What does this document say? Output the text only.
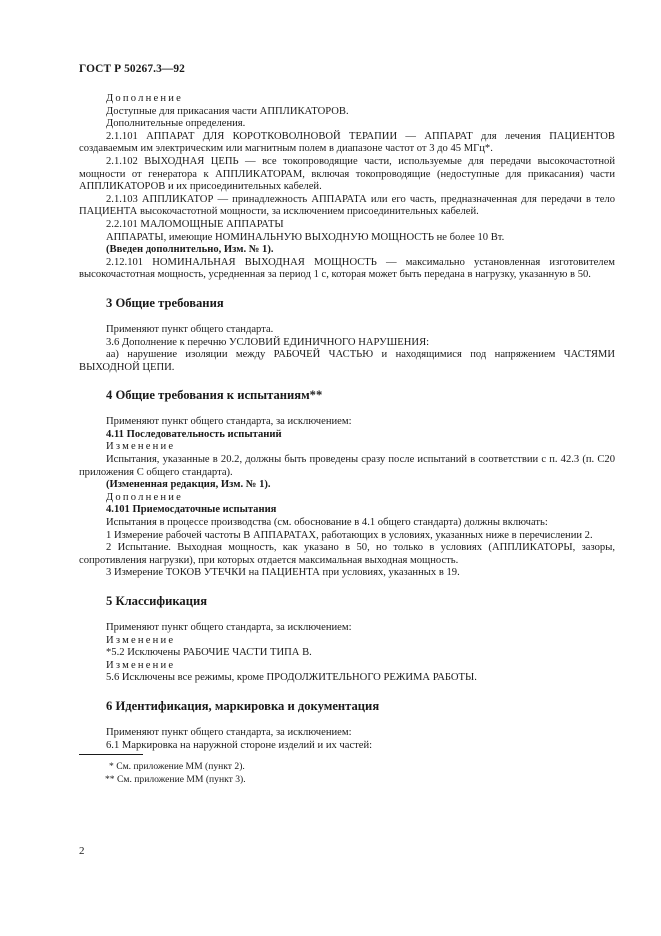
ГОСТ Р 50267.3—92

Дополнение

Доступные для прикасания части АППЛИКАТОРОВ.

Дополнительные определения.

2.1.101 АППАРАТ ДЛЯ КОРОТКОВОЛНОВОЙ ТЕРАПИИ — АППАРАТ для лечения ПАЦИЕНТОВ создаваемым им электрическим или магнитным полем в диапазоне частот от 3 до 45 МГц*.

2.1.102 ВЫХОДНАЯ ЦЕПЬ — все токопроводящие части, используемые для передачи высокочастотной мощности от генератора к АППЛИКАТОРАМ, включая токопроводящие (недоступные для прикасания) части АППЛИКАТОРОВ и их присоединительных кабелей.

2.1.103 АППЛИКАТОР — принадлежность АППАРАТА или его часть, предназначенная для передачи в тело ПАЦИЕНТА высокочастотной мощности, за исключением присоединительных кабелей.

2.2.101 МАЛОМОЩНЫЕ АППАРАТЫ

АППАРАТЫ, имеющие НОМИНАЛЬНУЮ ВЫХОДНУЮ МОЩНОСТЬ не более 10 Вт.

(Введен дополнительно, Изм. № 1).

2.12.101 НОМИНАЛЬНАЯ ВЫХОДНАЯ МОЩНОСТЬ — максимально установленная изготовителем высокочастотная мощность, усредненная за период 1 с, которая может быть передана в нагрузку, указанную в 50.

3 Общие требования

Применяют пункт общего стандарта.

3.6 Дополнение к перечню УСЛОВИЙ ЕДИНИЧНОГО НАРУШЕНИЯ:

аа) нарушение изоляции между РАБОЧЕЙ ЧАСТЬЮ и находящимися под напряжением ЧАСТЯМИ ВЫХОДНОЙ ЦЕПИ.

4 Общие требования к испытаниям**

Применяют пункт общего стандарта, за исключением:

4.11 Последовательность испытаний

Изменение

Испытания, указанные в 20.2, должны быть проведены сразу после испытаний в соответствии с п. 42.3 (п. С20 приложения С общего стандарта).

(Измененная редакция, Изм. № 1).

Дополнение

4.101 Приемосдаточные испытания

Испытания в процессе производства (см. обоснование в 4.1 общего стандарта) должны включать:

1 Измерение рабочей частоты В АППАРАТАХ, работающих в условиях, указанных ниже в перечислении 2.

2 Испытание. Выходная мощность, как указано в 50, но только в условиях (АППЛИКАТОРЫ, зазоры, сопротивления нагрузки), при которых отдается максимальная выходная мощность.

3 Измерение ТОКОВ УТЕЧКИ на ПАЦИЕНТА при условиях, указанных в 19.

5 Классификация

Применяют пункт общего стандарта, за исключением:

Изменение

*5.2 Исключены РАБОЧИЕ ЧАСТИ ТИПА В.

Изменение

5.6 Исключены все режимы, кроме ПРОДОЛЖИТЕЛЬНОГО РЕЖИМА РАБОТЫ.

6 Идентификация, маркировка и документация

Применяют пункт общего стандарта, за исключением:

6.1 Маркировка на наружной стороне изделий и их частей:

* См. приложение ММ (пункт 2).

** См. приложение ММ (пункт 3).

2
